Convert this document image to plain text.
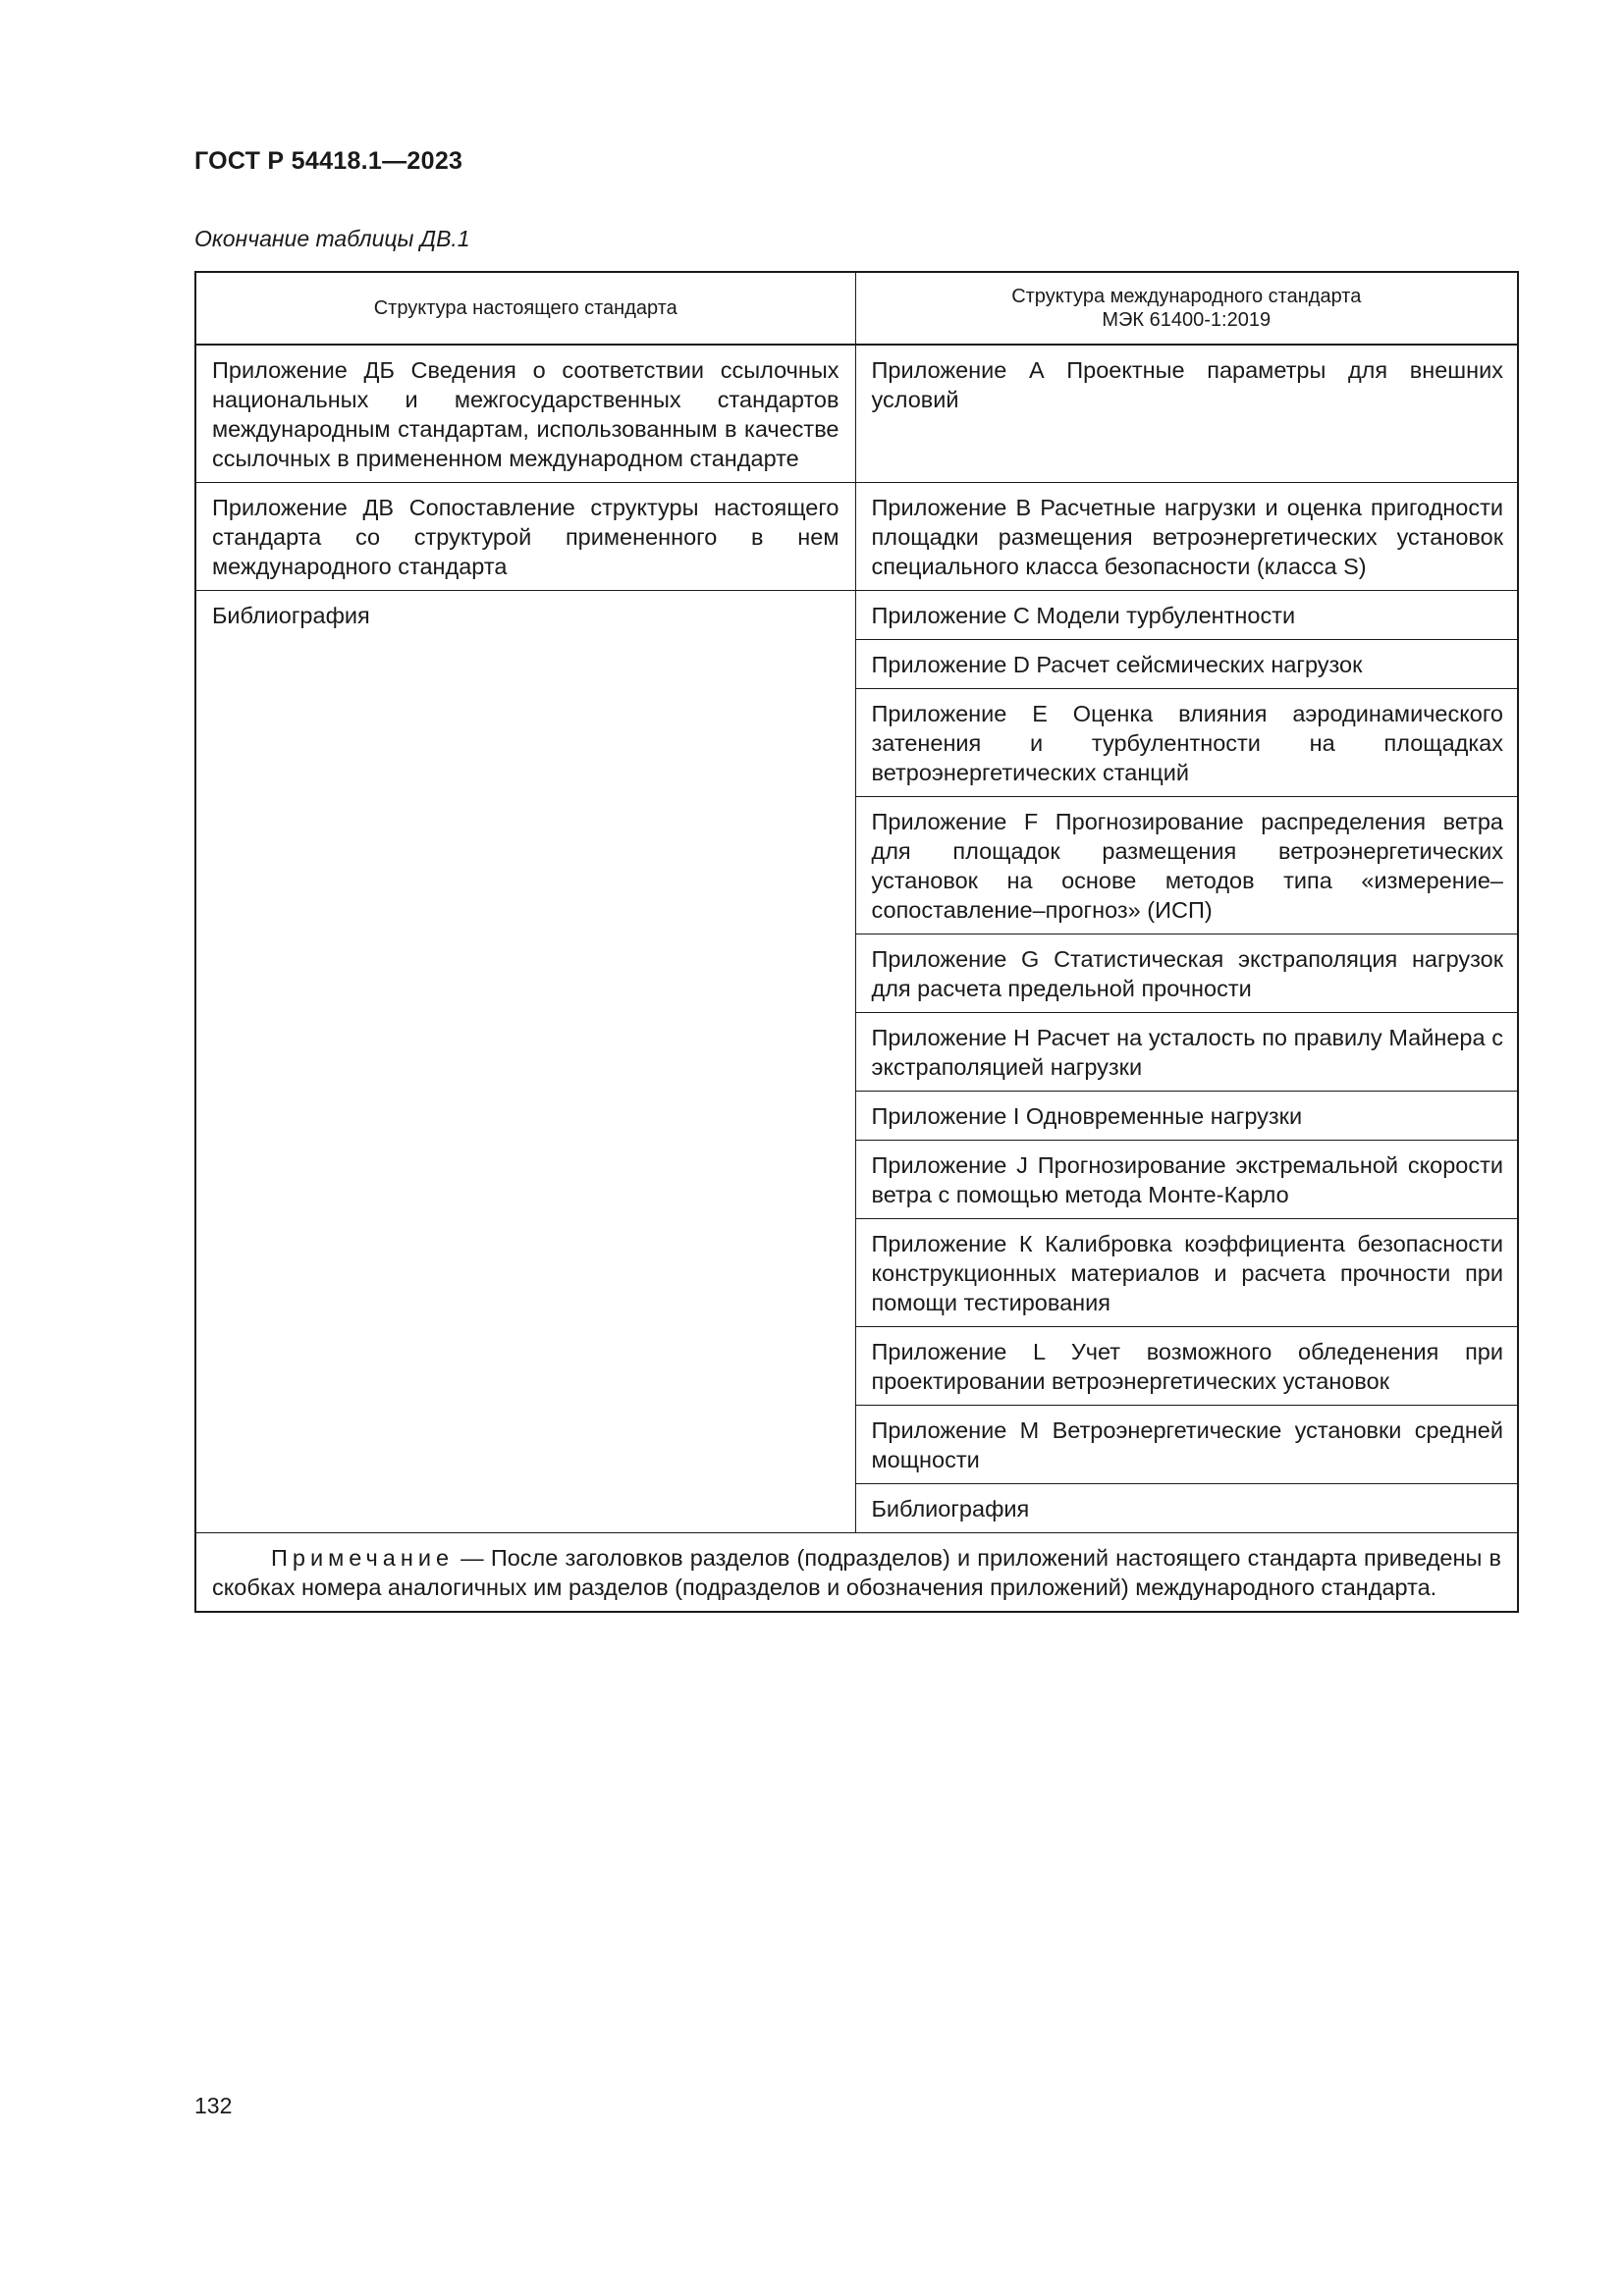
ГОСТ Р 54418.1—2023
Окончание таблицы ДВ.1
Структура настоящего стандарта	Структура международного стандарта
МЭК 61400-1:2019
Приложение ДБ Сведения о соответствии ссылочных национальных и межгосударственных стандартов международным стандартам, использованным в качестве ссылочных в примененном международном стандарте	Приложение А Проектные параметры для внешних условий
Приложение ДВ Сопоставление структуры настоящего стандарта со структурой примененного в нем международного стандарта	Приложение В Расчетные нагрузки и оценка пригодности площадки размещения ветроэнергетических установок специального класса безопасности (класса S)
Библиография	Приложение С Модели турбулентности
	Приложение D Расчет сейсмических нагрузок
	Приложение Е Оценка влияния аэродинамического затенения и турбулентности на площадках ветроэнергетических станций
	Приложение F Прогнозирование распределения ветра для площадок размещения ветроэнергетических установок на основе методов типа «измерение–сопоставление–прогноз» (ИСП)
	Приложение G Статистическая экстраполяция нагрузок для расчета предельной прочности
	Приложение Н Расчет на усталость по правилу Майнера с экстраполяцией нагрузки
	Приложение I Одновременные нагрузки
	Приложение J Прогнозирование экстремальной скорости ветра с помощью метода Монте-Карло
	Приложение К Калибровка коэффициента безопасности конструкционных материалов и расчета прочности при помощи тестирования
	Приложение L Учет возможного обледенения при проектировании ветроэнергетических установок
	Приложение М Ветроэнергетические установки средней мощности
	Библиография
Примечание — После заголовков разделов (подразделов) и приложений настоящего стандарта приведены в скобках номера аналогичных им разделов (подразделов и обозначения приложений) международного стандарта.	
132
